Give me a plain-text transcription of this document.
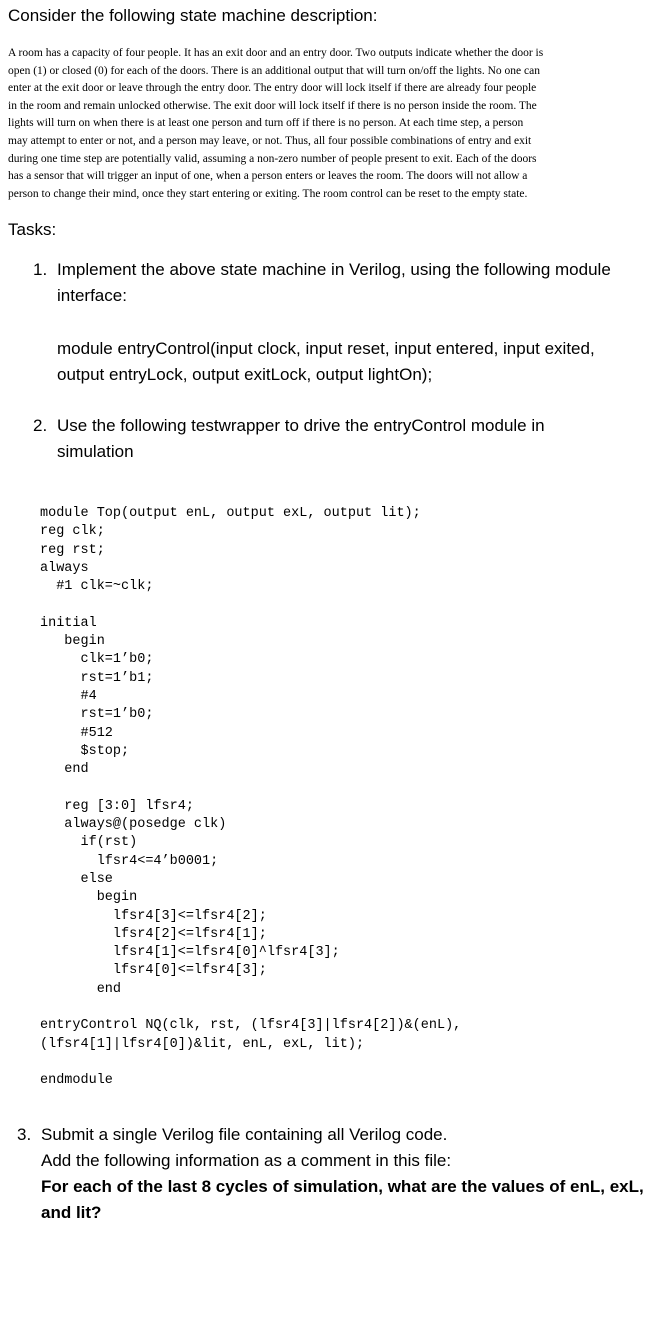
Consider the following state machine description:
A room has a capacity of four people. It has an exit door and an entry door. Two outputs indicate whether the door is
open (1) or closed (0) for each of the doors. There is an additional output that will turn on/off the lights. No one can
enter at the exit door or leave through the entry door. The entry door will lock itself if there are already four people
in the room and remain unlocked otherwise. The exit door will lock itself if there is no person inside the room. The
lights will turn on when there is at least one person and turn off if there is no person. At each time step, a person
may attempt to enter or not, and a person may leave, or not. Thus, all four possible combinations of entry and exit
during one time step are potentially valid, assuming a non-zero number of people present to exit. Each of the doors
has a sensor that will trigger an input of one, when a person enters or leaves the room. The doors will not allow a
person to change their mind, once they start entering or exiting. The room control can be reset to the empty state.
Tasks:
1. Implement the above state machine in Verilog, using the following module
interface:
module entryControl(input clock, input reset, input entered, input exited,
output entryLock, output exitLock, output lightOn);
2. Use the following testwrapper to drive the entryControl module in
simulation
module Top(output enL, output exL, output lit);
reg clk;
reg rst;
always
#1 clk=~clk;
initial
begin
clk=1’b0;
rst=1’b1;
#4
rst=1’b0;
#512
$stop;
end
reg [3:0] lfsr4;
always@(posedge clk)
if(rst)
lfsr4<=4’b0001;
else
begin
lfsr4[3]<=lfsr4[2];
lfsr4[2]<=lfsr4[1];
lfsr4[1]<=lfsr4[0]^lfsr4[3];
lfsr4[0]<=lfsr4[3];
end
entryControl NQ(clk, rst, (lfsr4[3]|lfsr4[2])&(enL),
(lfsr4[1]|lfsr4[0])&lit, enL, exL, lit);
endmodule
3. Submit a single Verilog file containing all Verilog code.
Add the following information as a comment in this file:
For each of the last 8 cycles of simulation, what are the values of enL, exL,
and lit?
